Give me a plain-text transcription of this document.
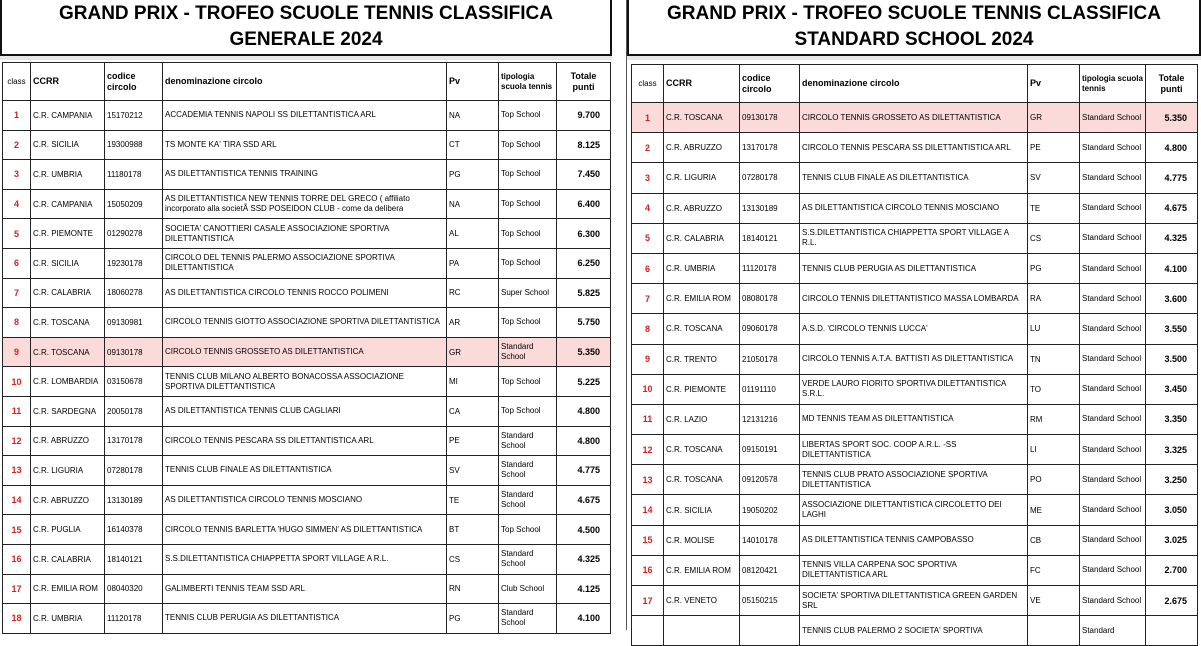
GRAND PRIX - TROFEO SCUOLE TENNIS CLASSIFICA
GENERALE 2024
class	CCRR	codice circolo	denominazione circolo	Pv	tipologia scuola tennis	Totale punti
1	C.R. CAMPANIA	15170212	ACCADEMIA TENNIS NAPOLI SS DILETTANTISTICA ARL	NA	Top School	9.700
2	C.R. SICILIA	19300988	TS MONTE KA' TIRA SSD ARL	CT	Top School	8.125
3	C.R. UMBRIA	11180178	AS DILETTANTISTICA TENNIS TRAINING	PG	Top School	7.450
4	C.R. CAMPANIA	15050209	AS DILETTANTISTICA NEW TENNIS TORRE DEL GRECO ( affiliato incorporato alla societÃ SSD POSEIDON CLUB - come da delibera	NA	Top School	6.400
5	C.R. PIEMONTE	01290278	SOCIETA' CANOTTIERI CASALE ASSOCIAZIONE SPORTIVA DILETTANTISTICA	AL	Top School	6.300
6	C.R. SICILIA	19230178	CIRCOLO DEL TENNIS PALERMO ASSOCIAZIONE SPORTIVA DILETTANTISTICA	PA	Top School	6.250
7	C.R. CALABRIA	18060278	AS DILETTANTISTICA CIRCOLO TENNIS ROCCO POLIMENI	RC	Super School	5.825
8	C.R. TOSCANA	09130981	CIRCOLO TENNIS GIOTTO ASSOCIAZIONE SPORTIVA DILETTANTISTICA	AR	Top School	5.750
9	C.R. TOSCANA	09130178	CIRCOLO TENNIS GROSSETO AS DILETTANTISTICA	GR	Standard School	5.350
10	C.R. LOMBARDIA	03150678	TENNIS CLUB MILANO ALBERTO BONACOSSA ASSOCIAZIONE SPORTIVA DILETTANTISTICA	MI	Top School	5.225
11	C.R. SARDEGNA	20050178	AS DILETTANTISTICA TENNIS CLUB CAGLIARI	CA	Top School	4.800
12	C.R. ABRUZZO	13170178	CIRCOLO TENNIS PESCARA SS DILETTANTISTICA ARL	PE	Standard School	4.800
13	C.R. LIGURIA	07280178	TENNIS CLUB FINALE AS DILETTANTISTICA	SV	Standard School	4.775
14	C.R. ABRUZZO	13130189	AS DILETTANTISTICA CIRCOLO TENNIS MOSCIANO	TE	Standard School	4.675
15	C.R. PUGLIA	16140378	CIRCOLO TENNIS BARLETTA 'HUGO SIMMEN' AS DILETTANTISTICA	BT	Top School	4.500
16	C.R. CALABRIA	18140121	S.S.DILETTANTISTICA CHIAPPETTA SPORT VILLAGE A R.L.	CS	Standard School	4.325
17	C.R. EMILIA ROM	08040320	GALIMBERTI TENNIS TEAM SSD ARL	RN	Club School	4.125
18	C.R. UMBRIA	11120178	TENNIS CLUB PERUGIA AS DILETTANTISTICA	PG	Standard School	4.100
GRAND PRIX - TROFEO SCUOLE TENNIS CLASSIFICA
STANDARD SCHOOL 2024
class	CCRR	codice circolo	denominazione circolo	Pv	tipologia scuola tennis	Totale punti
1	C.R. TOSCANA	09130178	CIRCOLO TENNIS GROSSETO AS DILETTANTISTICA	GR	Standard School	5.350
2	C.R. ABRUZZO	13170178	CIRCOLO TENNIS PESCARA SS DILETTANTISTICA ARL	PE	Standard School	4.800
3	C.R. LIGURIA	07280178	TENNIS CLUB FINALE AS DILETTANTISTICA	SV	Standard School	4.775
4	C.R. ABRUZZO	13130189	AS DILETTANTISTICA CIRCOLO TENNIS MOSCIANO	TE	Standard School	4.675
5	C.R. CALABRIA	18140121	S.S.DILETTANTISTICA CHIAPPETTA SPORT VILLAGE A R.L.	CS	Standard School	4.325
6	C.R. UMBRIA	11120178	TENNIS CLUB PERUGIA AS DILETTANTISTICA	PG	Standard School	4.100
7	C.R. EMILIA ROM	08080178	CIRCOLO TENNIS DILETTANTISTICO MASSA LOMBARDA	RA	Standard School	3.600
8	C.R. TOSCANA	09060178	A.S.D. 'CIRCOLO TENNIS LUCCA'	LU	Standard School	3.550
9	C.R. TRENTO	21050178	CIRCOLO TENNIS A.T.A. BATTISTI AS DILETTANTISTICA	TN	Standard School	3.500
10	C.R. PIEMONTE	01191110	VERDE LAURO FIORITO SPORTIVA DILETTANTISTICA S.R.L.	TO	Standard School	3.450
11	C.R. LAZIO	12131216	MD TENNIS TEAM AS DILETTANTISTICA	RM	Standard School	3.350
12	C.R. TOSCANA	09150191	LIBERTAS SPORT SOC. COOP A.R.L. -SS DILETTANTISTICA	LI	Standard School	3.325
13	C.R. TOSCANA	09120578	TENNIS CLUB PRATO ASSOCIAZIONE SPORTIVA DILETTANTISTICA	PO	Standard School	3.250
14	C.R. SICILIA	19050202	ASSOCIAZIONE DILETTANTISTICA CIRCOLETTO DEI LAGHI	ME	Standard School	3.050
15	C.R. MOLISE	14010178	AS DILETTANTISTICA TENNIS CAMPOBASSO	CB	Standard School	3.025
16	C.R. EMILIA ROM	08120421	TENNIS VILLA CARPENA SOC SPORTIVA DILETTANTISTICA ARL	FC	Standard School	2.700
17	C.R. VENETO	05150215	SOCIETA' SPORTIVA DILETTANTISTICA GREEN GARDEN SRL	VE	Standard School	2.675
			TENNIS CLUB PALERMO 2 SOCIETA' SPORTIVA		Standard	
